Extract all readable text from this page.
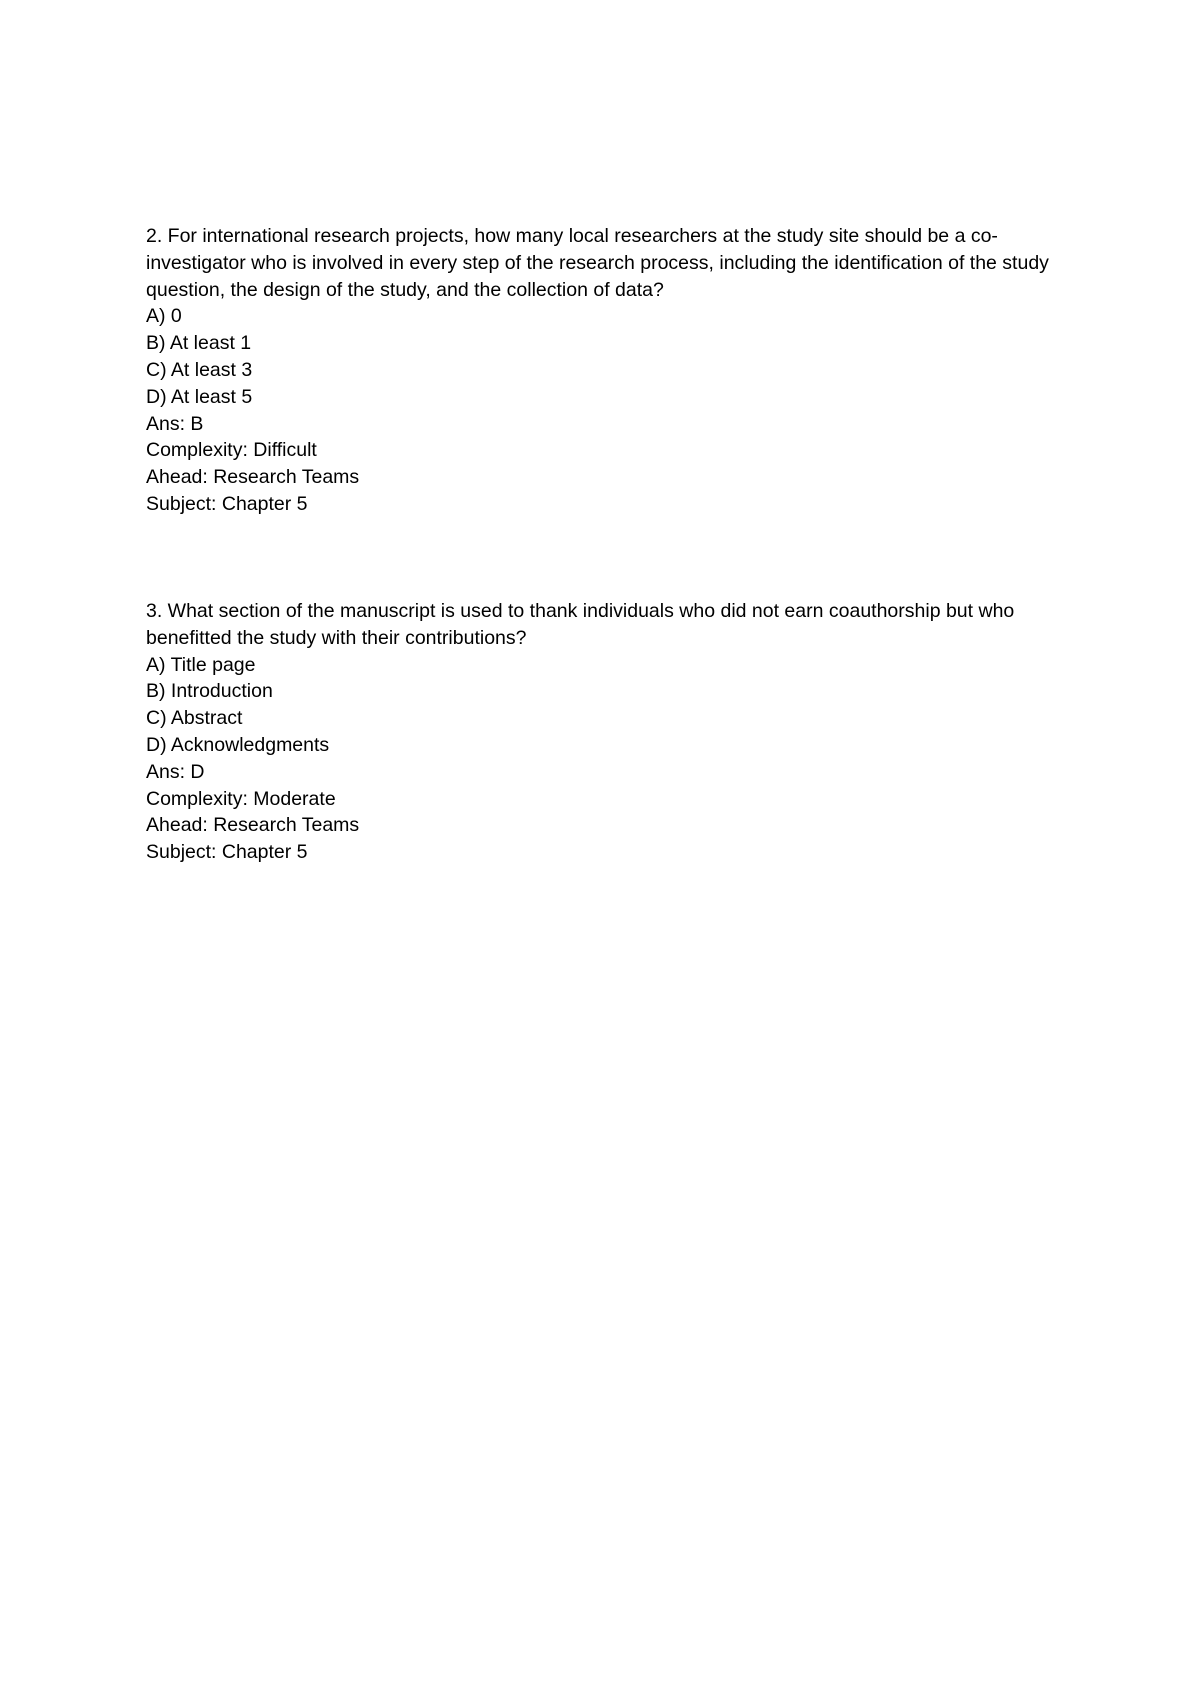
2. For international research projects, how many local researchers at the study site should be a co-
investigator who is involved in every step of the research process, including the identification of the study
question, the design of the study, and the collection of data?
A) 0
B) At least 1
C) At least 3
D) At least 5
Ans: B
Complexity: Difficult
Ahead: Research Teams
Subject: Chapter 5
3. What section of the manuscript is used to thank individuals who did not earn coauthorship but who
benefitted the study with their contributions?
A) Title page
B) Introduction
C) Abstract
D) Acknowledgments
Ans: D
Complexity: Moderate
Ahead: Research Teams
Subject: Chapter 5
